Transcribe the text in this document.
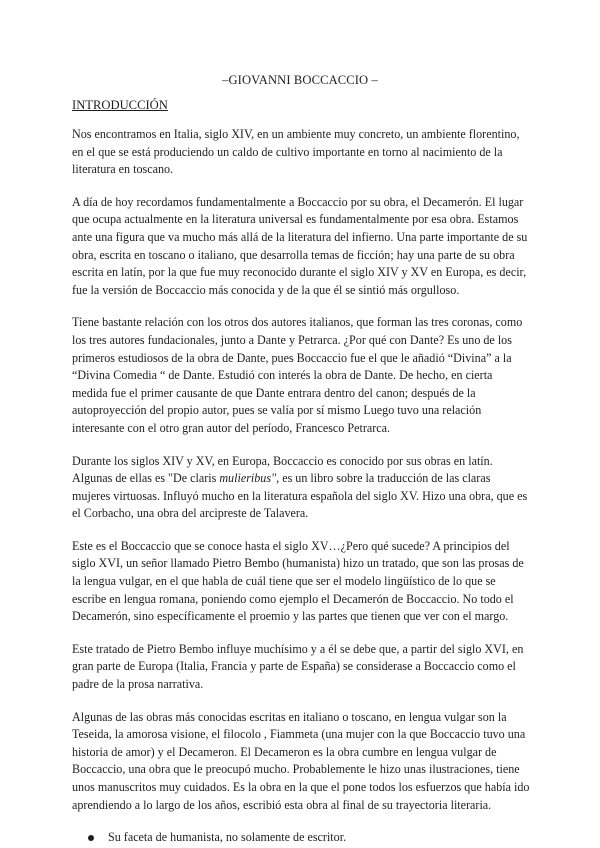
–GIOVANNI BOCCACCIO –
INTRODUCCIÓN

Nos encontramos en Italia, siglo XIV, en un ambiente muy concreto, un ambiente florentino, en el que se está produciendo un caldo de cultivo importante en torno al nacimiento de la literatura en toscano.

A día de hoy recordamos fundamentalmente a Boccaccio por su obra, el Decamerón. El lugar que ocupa actualmente en la literatura universal es fundamentalmente por esa obra. Estamos ante una figura que va mucho más allá de la literatura del infierno. Una parte importante de su obra, escrita en toscano o italiano, que desarrolla temas de ficción; hay una parte de su obra escrita en latín, por la que fue muy reconocido durante el siglo XIV y XV en Europa, es decir, fue la versión de Boccaccio más conocida y de la que él se sintió más orgulloso.

Tiene bastante relación con los otros dos autores italianos, que forman las tres coronas, como los tres autores fundacionales, junto a Dante y Petrarca. ¿Por qué con Dante? Es uno de los primeros estudiosos de la obra de Dante, pues Boccaccio fue el que le añadió “Divina” a la “Divina Comedia “ de Dante. Estudió con interés la obra de Dante. De hecho, en cierta medida fue el primer causante de que Dante entrara dentro del canon; después de la autoproyección del propio autor, pues se valía por sí mismo Luego tuvo una relación interesante con el otro gran autor del período, Francesco Petrarca.

Durante los siglos XIV y XV, en Europa, Boccaccio es conocido por sus obras en latín. Algunas de ellas es "De claris mulieribus", es un libro sobre la traducción de las claras mujeres virtuosas. Influyó mucho en la literatura española del siglo XV. Hizo una obra, que es el Corbacho, una obra del arcipreste de Talavera.

Este es el Boccaccio que se conoce hasta el siglo XV…¿Pero qué sucede? A principios del siglo XVI, un señor llamado Pietro Bembo (humanista) hizo un tratado, que son las prosas de la lengua vulgar, en el que habla de cuál tiene que ser el modelo lingüístico de lo que se escribe en lengua romana, poniendo como ejemplo el Decamerón de Boccaccio. No todo el Decamerón, sino específicamente el proemio y las partes que tienen que ver con el margo.

Este tratado de Pietro Bembo influye muchísimo y a él se debe que, a partir del siglo XVI, en gran parte de Europa (Italia, Francia y parte de España) se considerase a Boccaccio como el padre de la prosa narrativa.

Algunas de las obras más conocidas escritas en italiano o toscano, en lengua vulgar son la Teseida, la amorosa visione, el filocolo , Fiammeta (una mujer con la que Boccaccio tuvo una historia de amor) y el Decameron. El Decameron es la obra cumbre en lengua vulgar de Boccaccio, una obra que le preocupó mucho. Probablemente le hizo unas ilustraciones, tiene unos manuscritos muy cuidados. Es la obra en la que el pone todos los esfuerzos que había ido aprendiendo a lo largo de los años, escribió esta obra al final de su trayectoria literaria.

Su faceta de humanista, no solamente de escritor.
